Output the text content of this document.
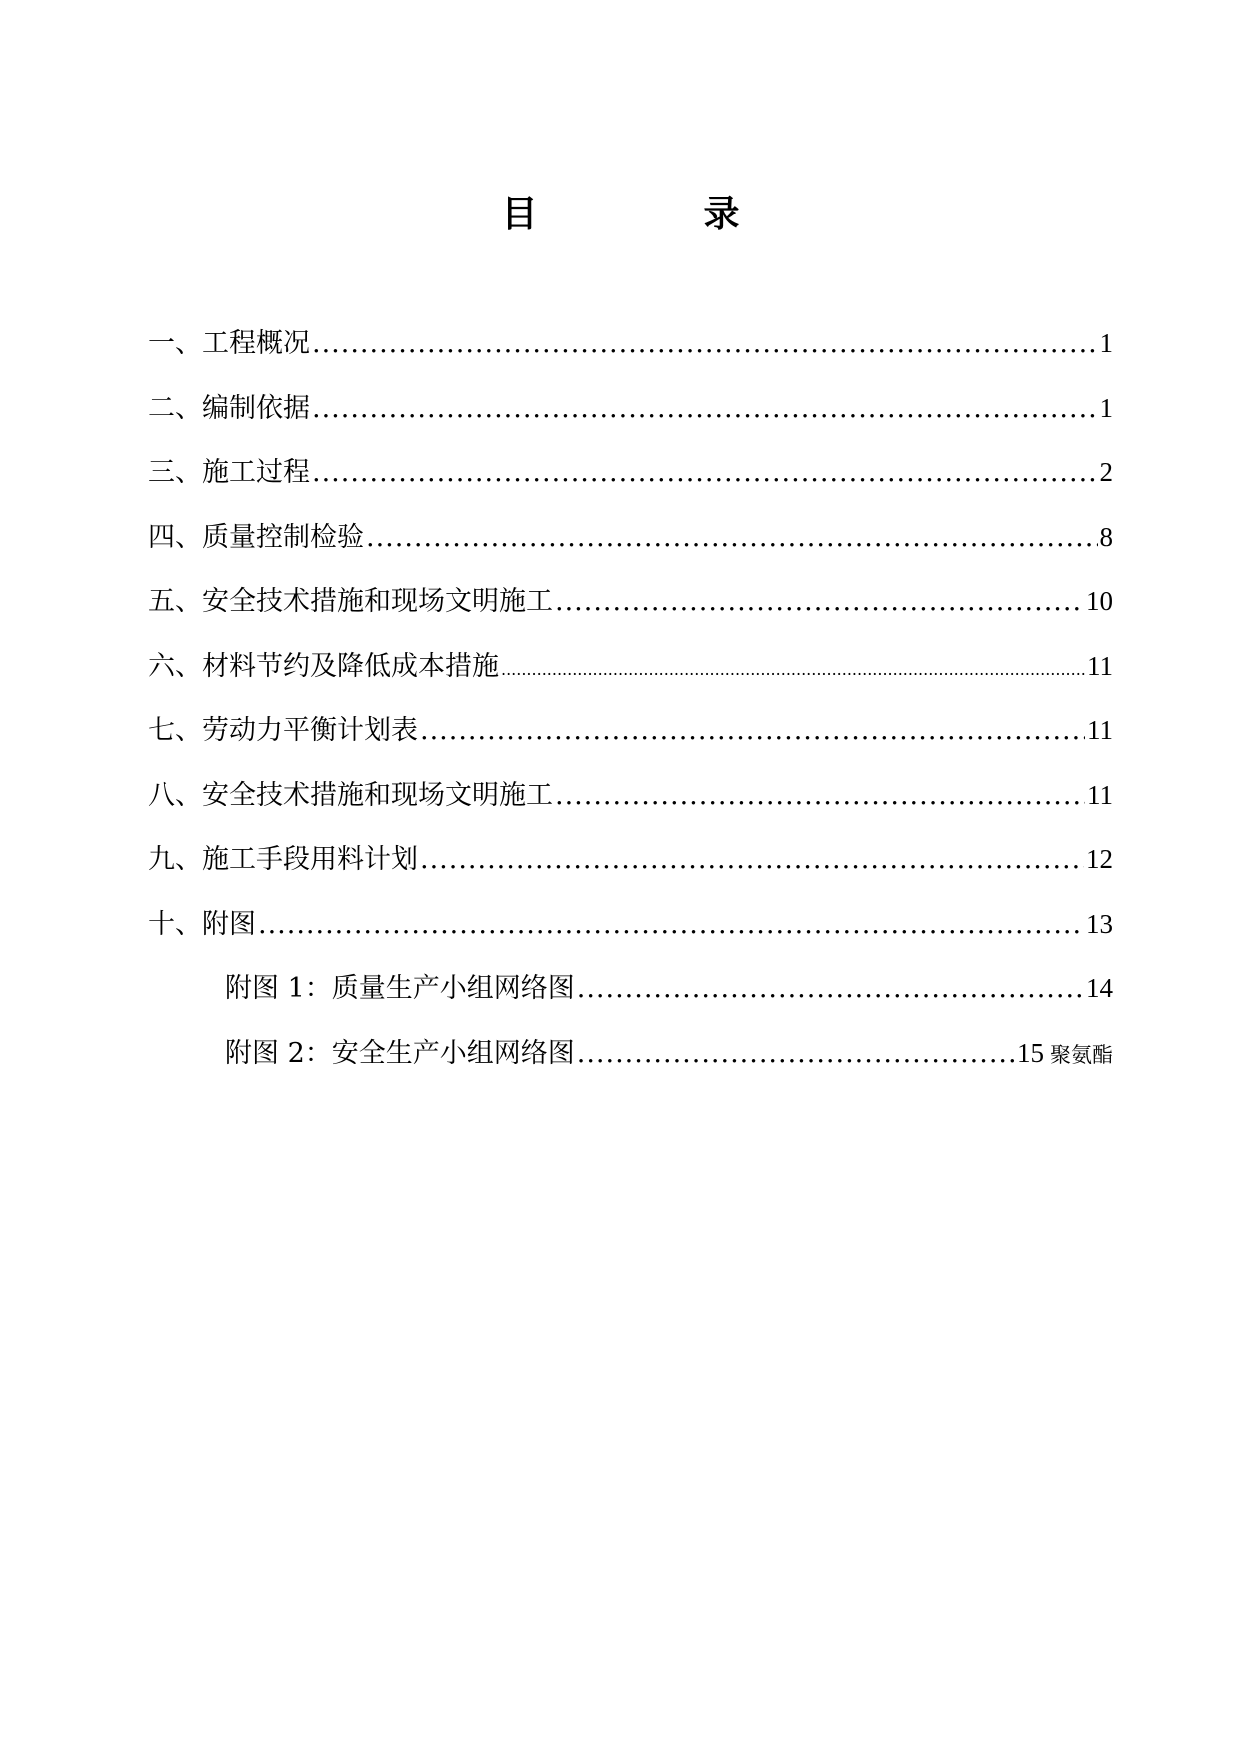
目	录
一、工程概况 .....	1
二、编制依据 .....	1
三、施工过程 .....	2
四、质量控制检验 .....	8
五、安全技术措施和现场文明施工 .....	10
六、材料节约及降低成本措施 .....	11
七、劳动力平衡计划表 .....	11
八、安全技术措施和现场文明施工 .....	11
九、施工手段用料计划 .....	12
十、附图 .....	13
附图 1：质量生产小组网络图 .....	14
附图 2：安全生产小组网络图 .....	15 聚氨酯
